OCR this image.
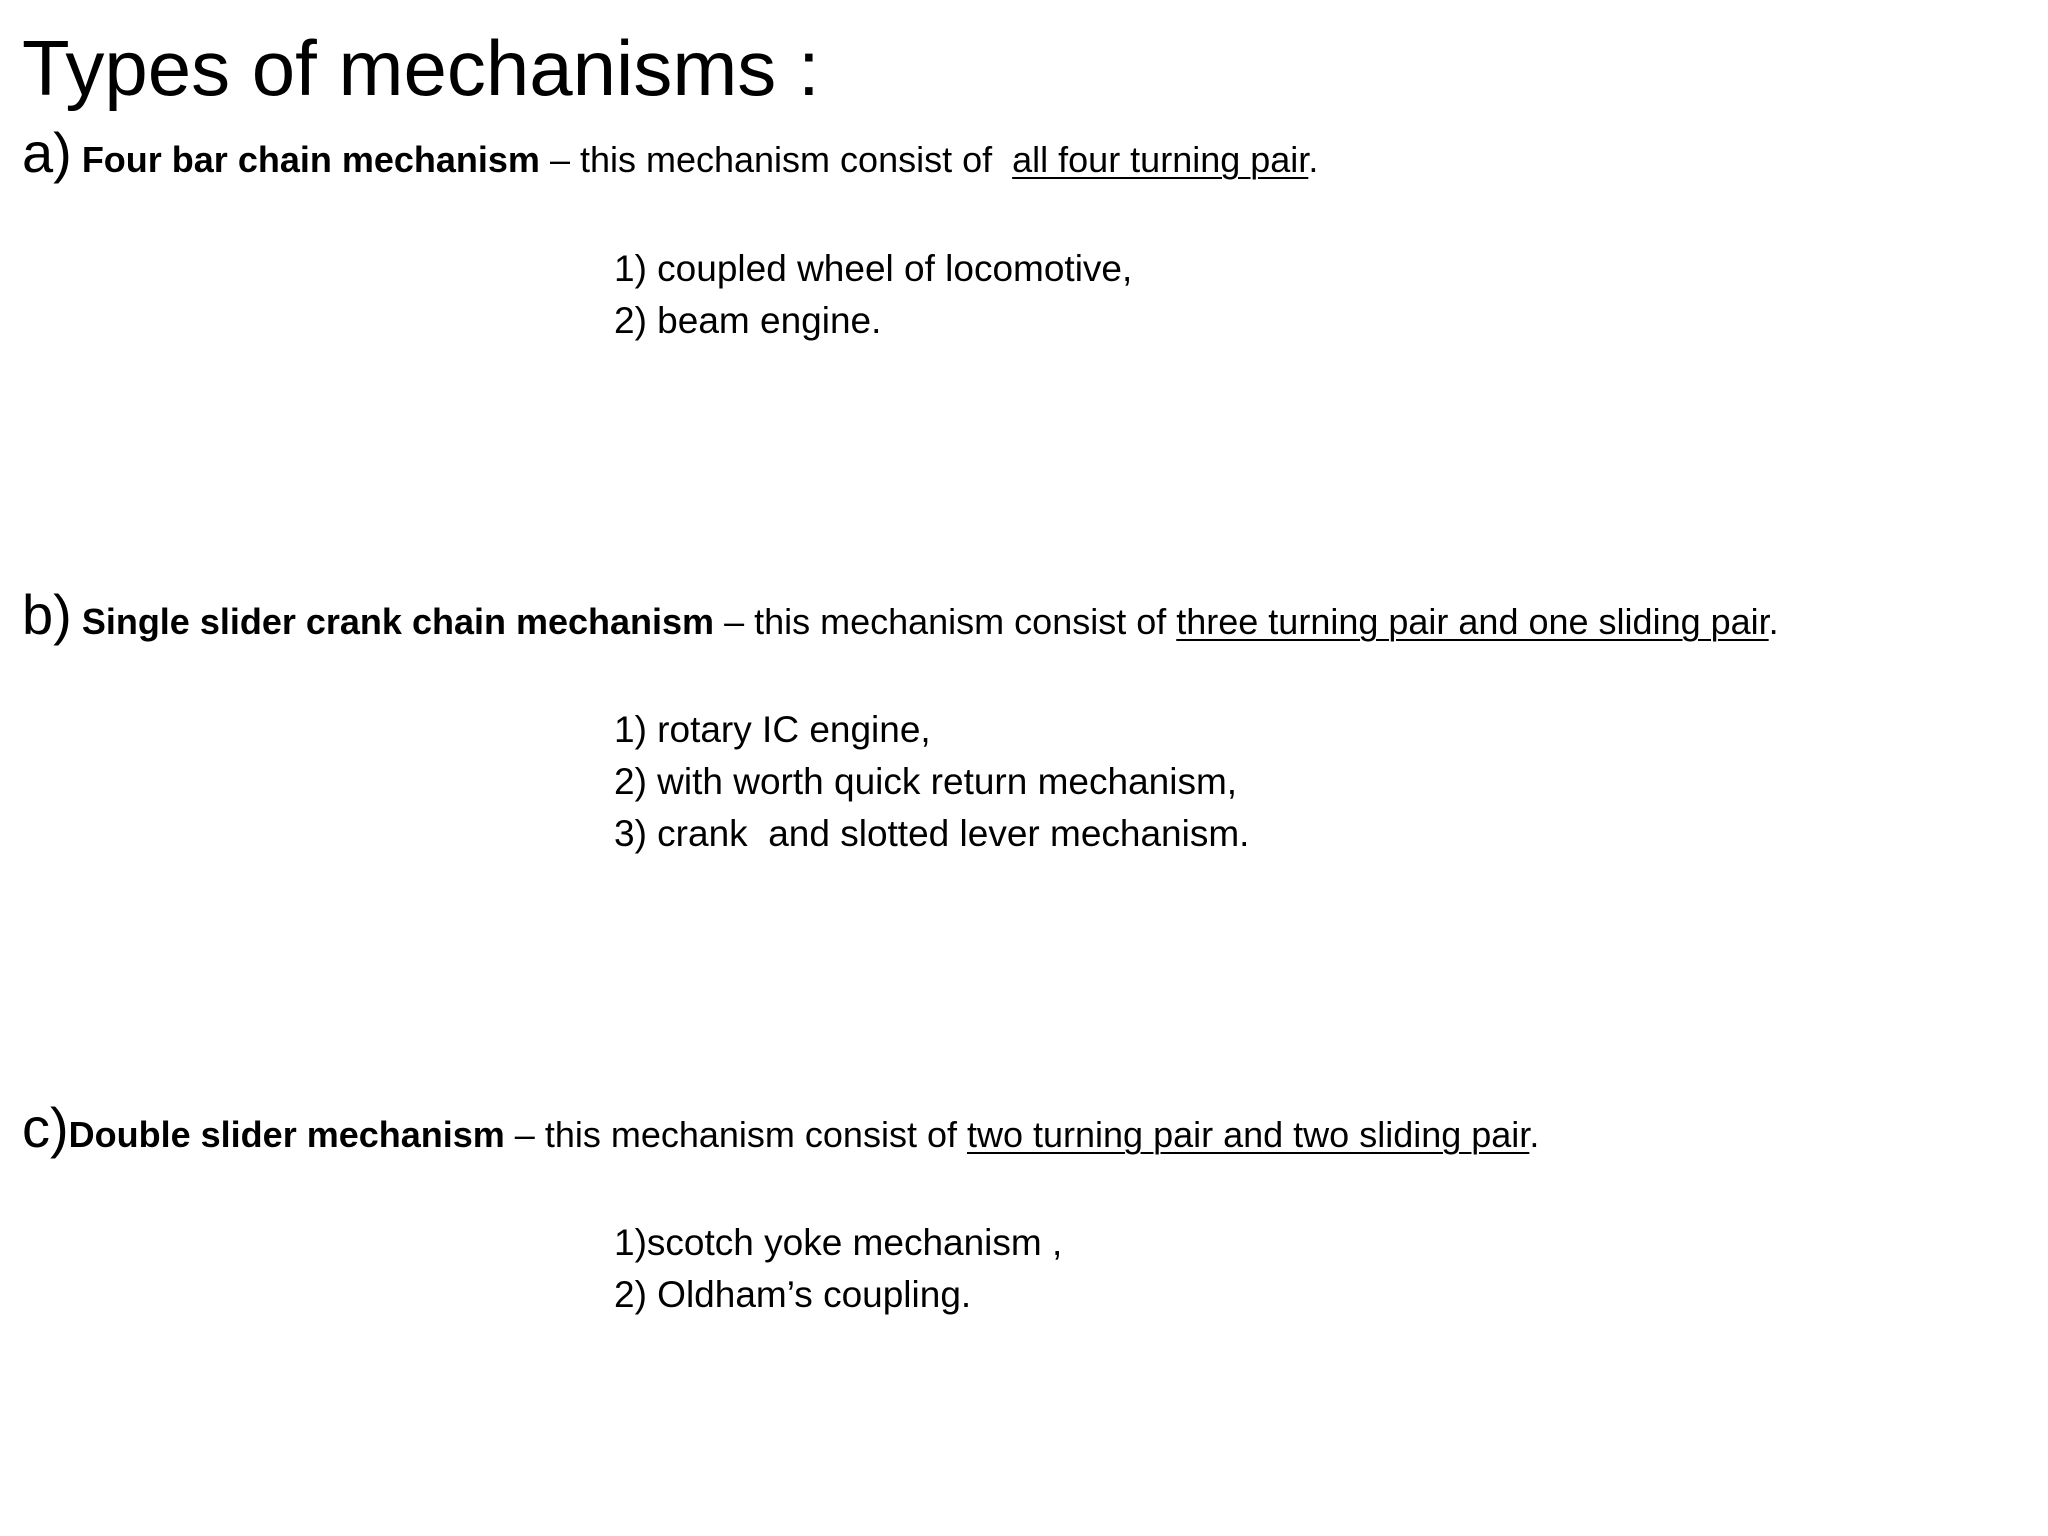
Types of mechanisms :
a) Four bar chain mechanism – this mechanism consist of  all four turning pair.
1) coupled wheel of locomotive,
2) beam engine.
b) Single slider crank chain mechanism – this mechanism consist of three turning pair and one sliding pair.
1) rotary IC engine,
2) with worth quick return mechanism,
3) crank  and slotted lever mechanism.
c)Double slider mechanism – this mechanism consist of two turning pair and two sliding pair.
1)scotch yoke mechanism ,
2) Oldham’s coupling.
